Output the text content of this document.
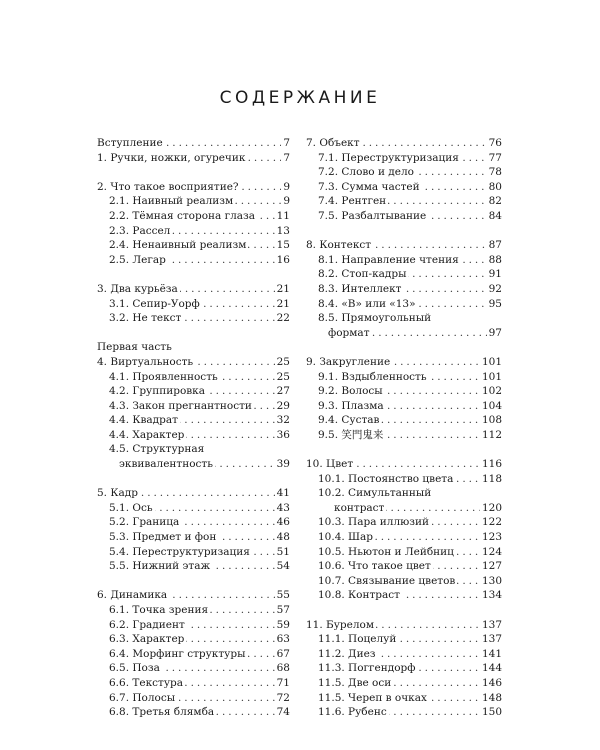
СОДЕРЖАНИЕ
. . .
Вступление	7
. . .
1. Ручки, ножки, огуречик	7
. . .
2. Что такое восприятие?	9
. . .
2.1. Наивный реализм	9
. . .
2.2. Тёмная сторона глаза 11
. . .
2.3. Рассел	13
. . .
2.4. Ненаивный реализм	15
. . .
2.5. Легар	16
. . .
3. Два курьёза	21
. . .
3.1. Сепир-Уорф	21
. . .
3.2. Не текст	22
Первая часть
. . .
4. Виртуальность	25
. . .
4.1. Проявленность	25
. . .
4.2. Группировка	27
. . .
4.3. Закон прегнантности 29
. . .
4.4. Квадрат	32
. . .
4.4. Характер	36
4.5. Структурная
. . .
эквивалентность	39
. . .
5. Кадр	41
. . .
5.1. Ось	43
. . .
5.2. Граница	46
. . .
5.3. Предмет и фон	48
. . .
5.4. Переструктуризация	51
. . .
5.5. Нижний этаж	54
. . .
6. Динамика	55
. . .
6.1. Точка зрения	57
. . .
6.2. Градиент	59
. . .
6.3. Характер	63
. . .
6.4. Морфинг структуры	67
. . .
6.5. Поза	68
. . .
6.6. Текстура	71
. . .
6.7. Полосы	72
. . .
6.8. Третья блямба	74
. . .
7. Объект	76
. . .
7.1. Переструктуризация	77
. . .
7.2. Слово и дело	78
. . .
7.3. Сумма частей	80
. . .
7.4. Рентген	82
. . .
7.5. Разбалтывание	84
. . .
8. Контекст	87
. . .
8.1. Направление чтения	88
. . .
8.2. Стоп-кадры	91
. . .
8.3. Интеллект	92
. . .
8.4. «В» или «13»	95
8.5. Прямоугольный
. . .
формат	97
. . .
9. Закругление	101
. . .
9.1. Вздыбленность	101
. . .
9.2. Волосы	102
. . .
9.3. Плазма	104
. . .
9.4. Сустав	108
. . .
9.5. 笑門鬼来	112
. . .
10. Цвет	116
. . .
10.1. Постоянство цвета	118
10.2. Симультанный
. . .
контраст	120
. . .
10.3. Пара иллюзий	122
. . .
10.4. Шар	123
. . .
10.5. Ньютон и Лейбниц	124
. . .
10.6. Что такое цвет	127
. . .
10.7. Связывание цветов	130
. . .
10.8. Контраст	134
. . .
11. Бурелом	137
. . .
11.1. Поцелуй	137
. . .
11.2. Диез	141
. . .
11.3. Поггендорф	144
. . .
11.5. Две оси	146
. . .
11.5. Череп в очках	148
. . .
11.6. Рубенс	150
